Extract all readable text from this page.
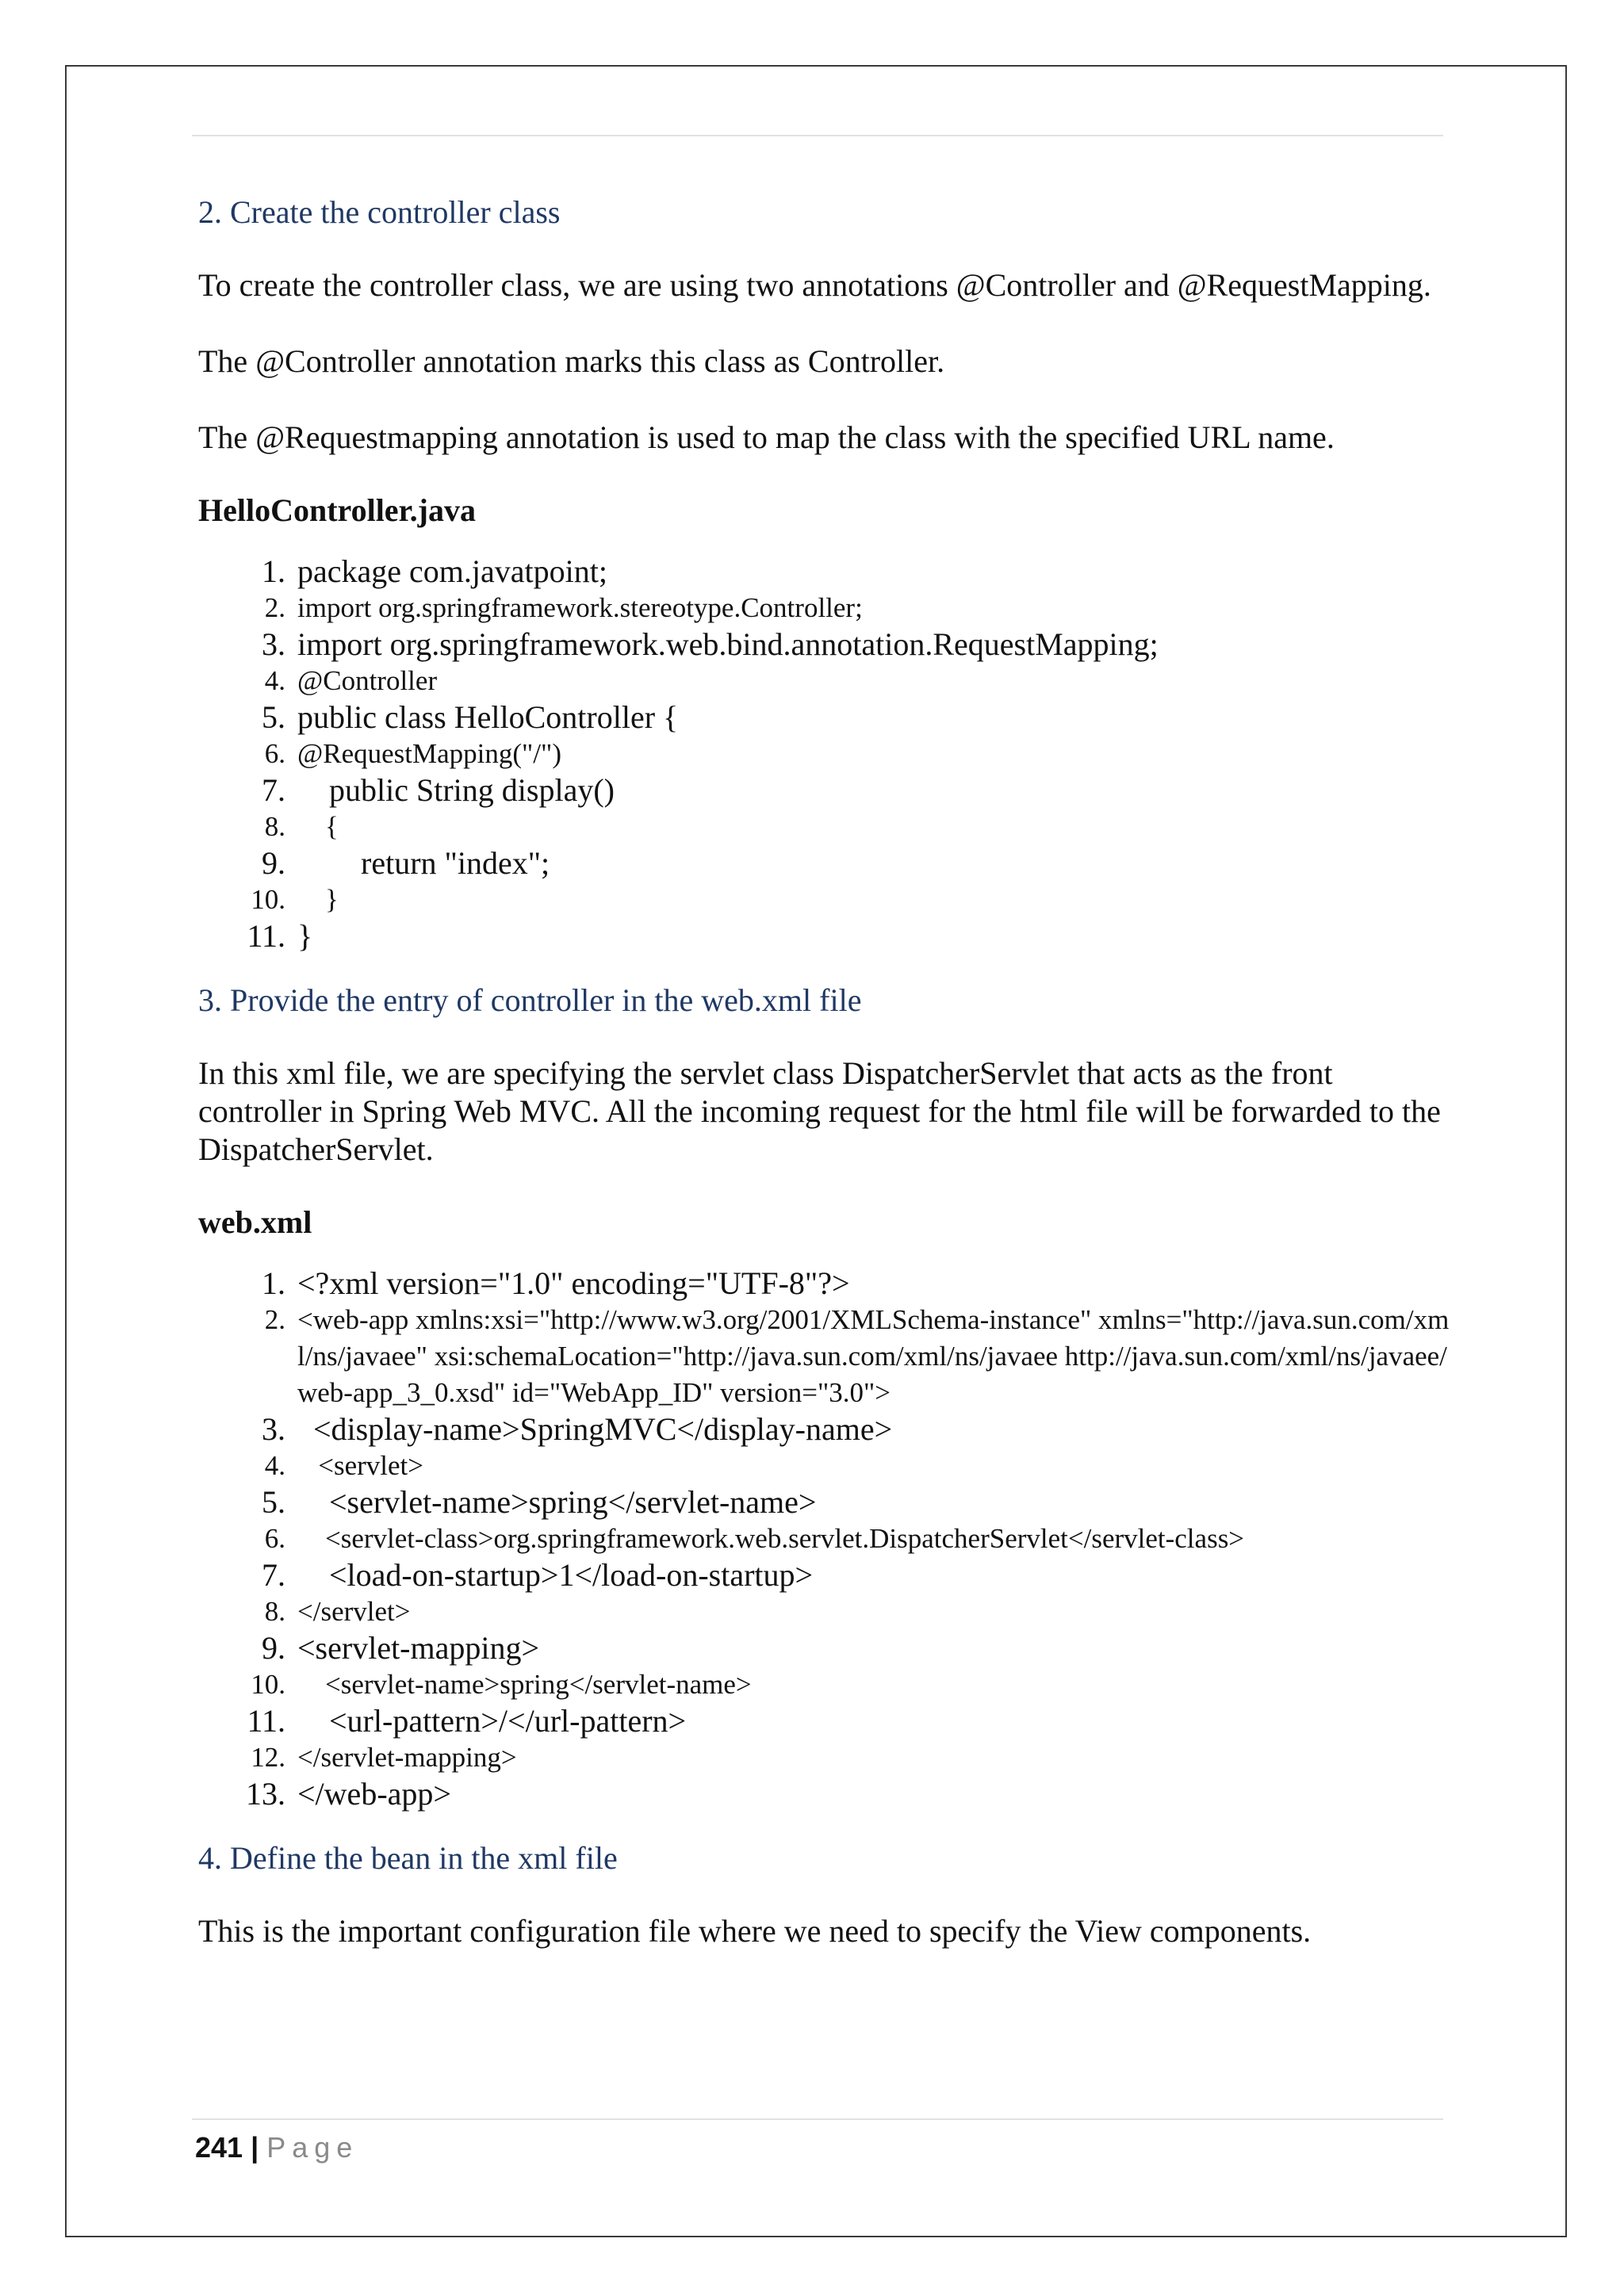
2. Create the controller class

To create the controller class, we are using two annotations @Controller and @RequestMapping.

The @Controller annotation marks this class as Controller.

The @Requestmapping annotation is used to map the class with the specified URL name.

HelloController.java

1. package com.javatpoint;
2. import org.springframework.stereotype.Controller;
3. import org.springframework.web.bind.annotation.RequestMapping;
4. @Controller
5. public class HelloController {
6. @RequestMapping("/")
7. public String display()
8. {
9. return "index";
10. }
11. }
3. Provide the entry of controller in the web.xml file

In this xml file, we are specifying the servlet class DispatcherServlet that acts as the front controller in Spring Web MVC. All the incoming request for the html file will be forwarded to the DispatcherServlet.

web.xml

1. <?xml version="1.0" encoding="UTF-8"?>
2. <web-app xmlns:xsi="http://www.w3.org/2001/XMLSchema-instance" xmlns="http://java.sun.com/xml/ns/javaee" xsi:schemaLocation="http://java.sun.com/xml/ns/javaee http://java.sun.com/xml/ns/javaee/web-app_3_0.xsd" id="WebApp_ID" version="3.0">
3. <display-name>SpringMVC</display-name>
4. <servlet>
5. <servlet-name>spring</servlet-name>
6. <servlet-class>org.springframework.web.servlet.DispatcherServlet</servlet-class>
7. <load-on-startup>1</load-on-startup>
8. </servlet>
9. <servlet-mapping>
10. <servlet-name>spring</servlet-name>
11. <url-pattern>/</url-pattern>
12. </servlet-mapping>
13. </web-app>
4. Define the bean in the xml file

This is the important configuration file where we need to specify the View components.

241 | Page
